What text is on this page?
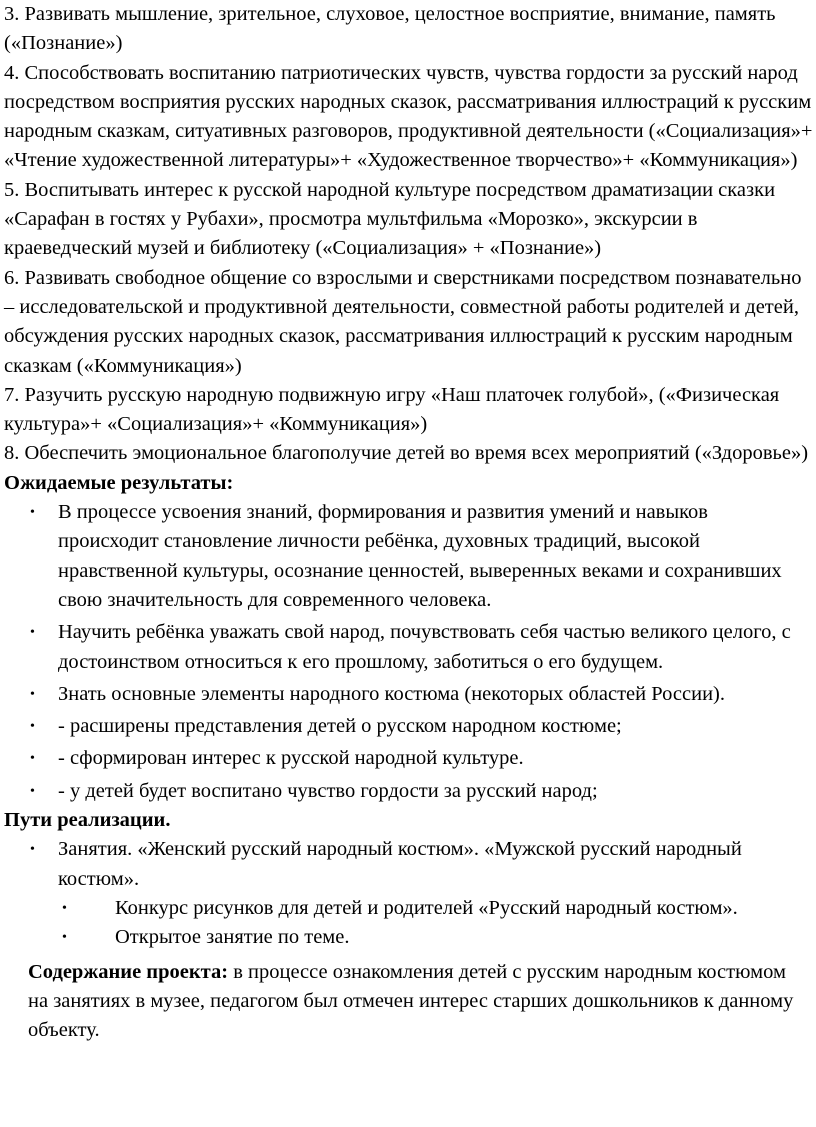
3. Развивать мышление, зрительное, слуховое, целостное восприятие, внимание, память («Познание»)

4. Способствовать воспитанию патриотических чувств, чувства гордости за русский народ посредством восприятия русских народных сказок, рассматривания иллюстраций к русским народным сказкам, ситуативных разговоров, продуктивной деятельности («Социализация»+ «Чтение художественной литературы»+ «Художественное творчество»+ «Коммуникация»)

5. Воспитывать интерес к русской народной культуре посредством драматизации сказки «Сарафан в гостях у Рубахи», просмотра мультфильма «Морозко», экскурсии в краеведческий музей и библиотеку («Социализация» + «Познание»)

6. Развивать свободное общение со взрослыми и сверстниками посредством познавательно – исследовательской и продуктивной деятельности, совместной работы родителей и детей, обсуждения русских народных сказок, рассматривания иллюстраций к русским народным сказкам («Коммуникация»)

7. Разучить русскую народную подвижную игру «Наш платочек голубой», («Физическая культура»+ «Социализация»+ «Коммуникация»)

8. Обеспечить эмоциональное благополучие детей во время всех мероприятий («Здоровье»)

Ожидаемые результаты:

• В процессе усвоения знаний, формирования и развития умений и навыков происходит становление личности ребёнка, духовных традиций, высокой нравственной культуры, осознание ценностей, выверенных веками и сохранивших свою значительность для современного человека.
• Научить ребёнка уважать свой народ, почувствовать себя частью великого целого, с достоинством относиться к его прошлому, заботиться о его будущем.
• Знать основные элементы народного костюма (некоторых областей России).
• - расширены представления детей о русском народном костюме;
• - сформирован интерес к русской народной культуре.
• - у детей будет воспитано чувство гордости за русский народ;

Пути реализации.

• Занятия. «Женский русский народный костюм». «Мужской русский народный костюм».
• Конкурс рисунков для детей и родителей «Русский народный костюм».
• Открытое занятие по теме.

Содержание проекта: в процессе ознакомления детей с русским народным костюмом на занятиях в музее, педагогом был отмечен интерес старших дошкольников к данному объекту.
